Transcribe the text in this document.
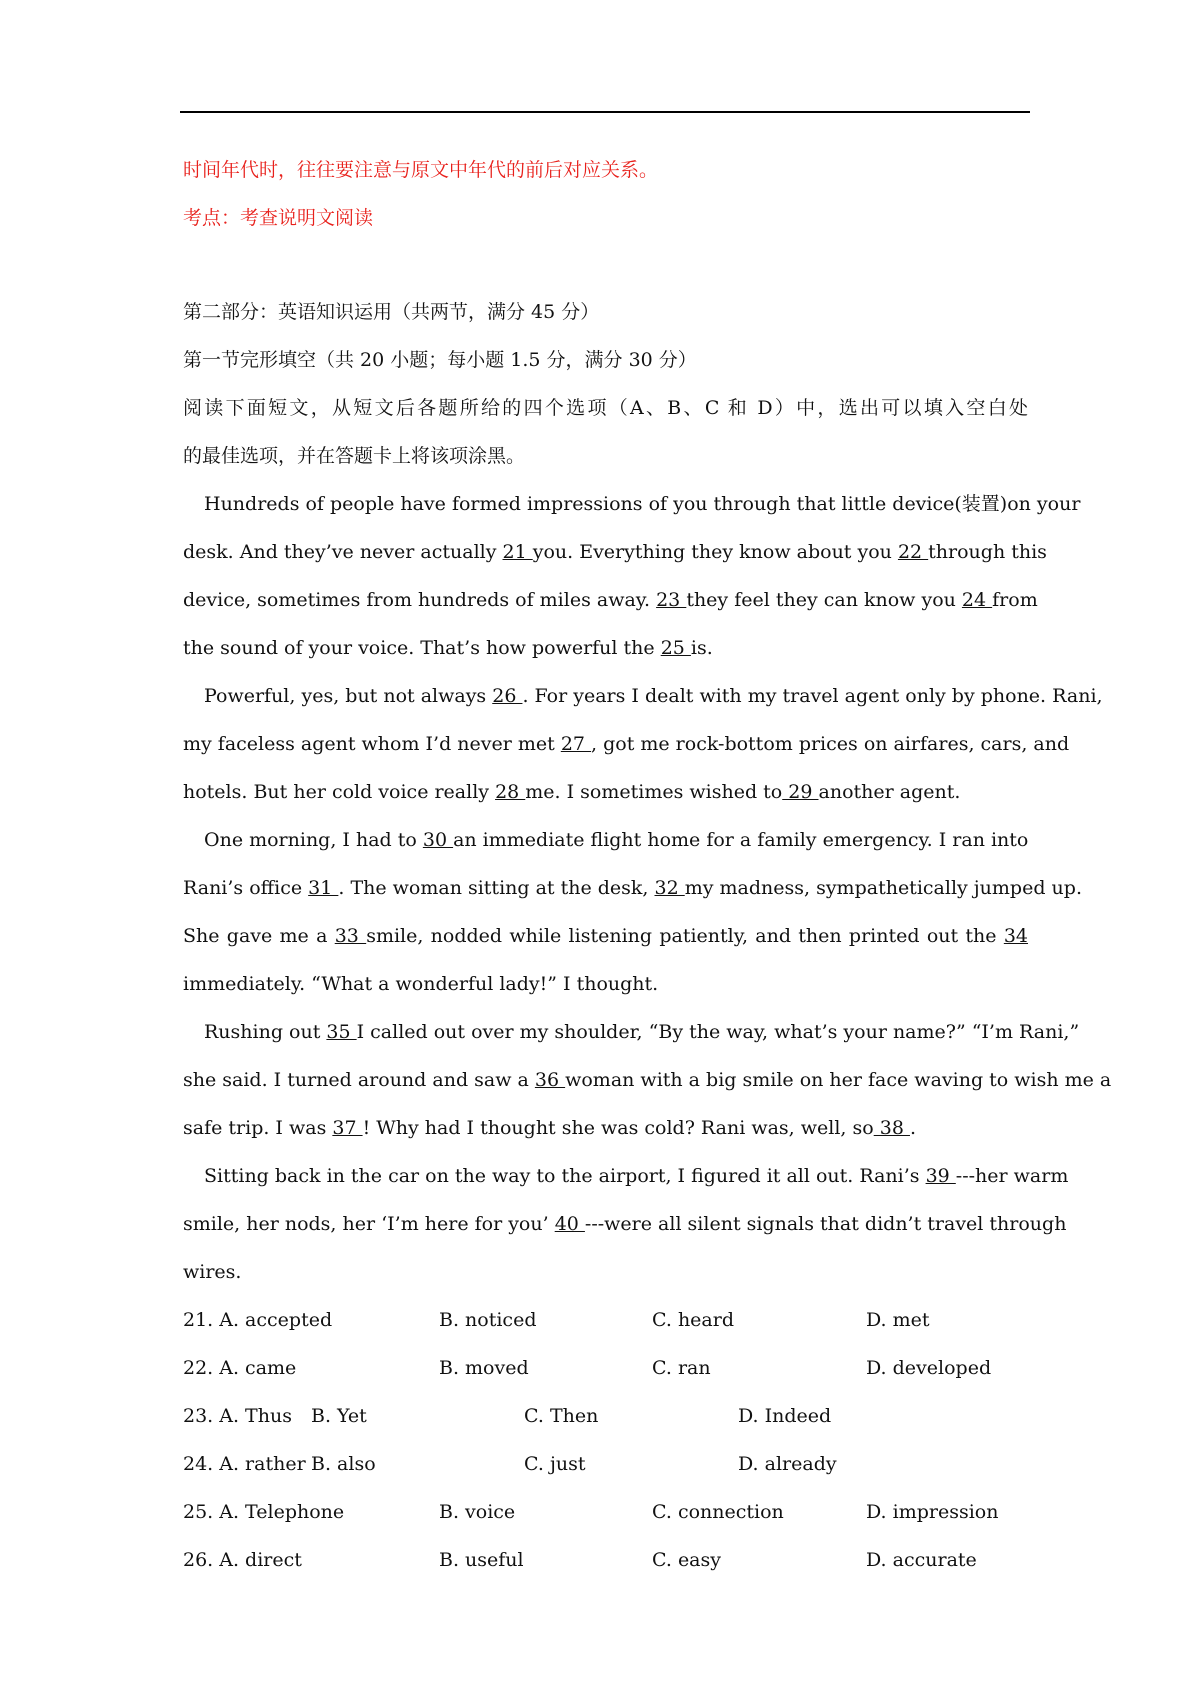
时间年代时，往往要注意与原文中年代的前后对应关系。
考点：考查说明文阅读
第二部分：英语知识运用（共两节，满分 45 分）
第一节完形填空（共 20 小题；每小题 1.5 分，满分 30 分）
阅读下面短文，从短文后各题所给的四个选项（A、B、C 和 D）中，选出可以填入空白处
的最佳选项，并在答题卡上将该项涂黑。
Hundreds of people have formed impressions of you through that little device(装置)on your
desk. And they’ve never actually 21 you. Everything they know about you 22 through this
device, sometimes from hundreds of miles away. 23 they feel they can know you 24 from
the sound of your voice. That’s how powerful the 25 is.
Powerful, yes, but not always 26 . For years I dealt with my travel agent only by phone. Rani,
my faceless agent whom I’d never met 27 , got me rock-bottom prices on airfares, cars, and
hotels. But her cold voice really 28 me. I sometimes wished to 29 another agent.
One morning, I had to 30 an immediate flight home for a family emergency. I ran into
Rani’s office 31 . The woman sitting at the desk, 32 my madness, sympathetically jumped up.
She gave me a 33 smile, nodded while listening patiently, and then printed out the 34
immediately. “What a wonderful lady!” I thought.
Rushing out 35 I called out over my shoulder, “By the way, what’s your name?” “I’m Rani,”
she said. I turned around and saw a 36 woman with a big smile on her face waving to wish me a
safe trip. I was 37 ! Why had I thought she was cold? Rani was, well, so 38 .
Sitting back in the car on the way to the airport, I figured it all out. Rani’s 39 ---her warm
smile, her nods, her ‘I’m here for you’ 40 ---were all silent signals that didn’t travel through
wires.
21. A. accepted	B. noticed	C. heard	D. met
22. A. came	B. moved	C. ran	D. developed
23. A. Thus B. Yet	C. Then	D. Indeed
24. A. rather B. also	C. just	D. already
25. A. Telephone	B. voice	C. connection	D. impression
26. A. direct	B. useful	C. easy	D. accurate
